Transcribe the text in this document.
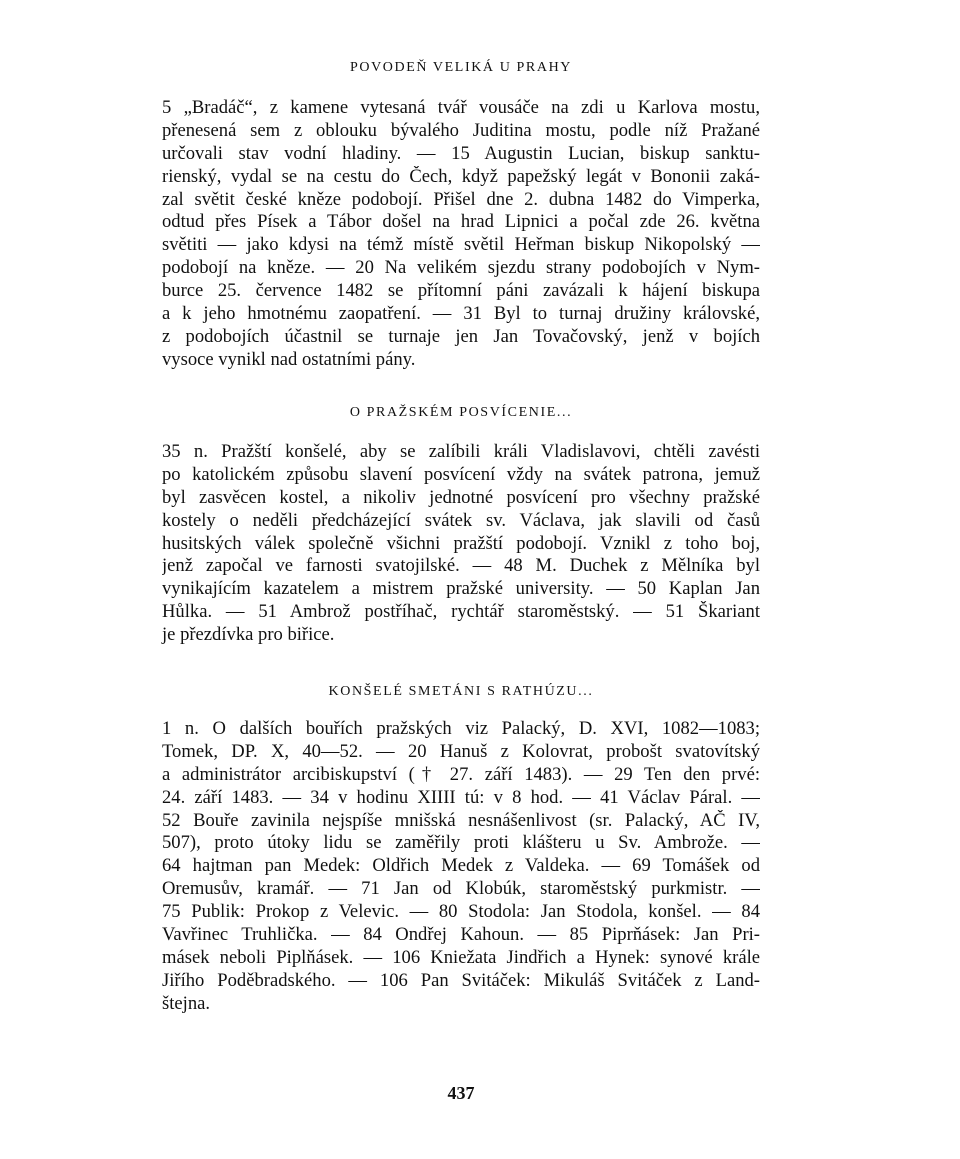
POVODEŇ VELIKÁ U PRAHY
5 „Bradáč“, z kamene vytesaná tvář vousáče na zdi u Karlova mostu,
přenesená sem z oblouku bývalého Juditina mostu, podle níž Pražané
určovali stav vodní hladiny. — 15 Augustin Lucian, biskup sanktu-
rienský, vydal se na cestu do Čech, když papežský legát v Bononii zaká-
zal světit české kněze podobojí. Přišel dne 2. dubna 1482 do Vimperka,
odtud přes Písek a Tábor došel na hrad Lipnici a počal zde 26. května
světiti — jako kdysi na témž místě světil Heřman biskup Nikopolský —
podobojí na kněze. — 20 Na velikém sjezdu strany podobojích v Nym-
burce 25. července 1482 se přítomní páni zavázali k hájení biskupa
a k jeho hmotnému zaopatření. — 31 Byl to turnaj družiny královské,
z podobojích účastnil se turnaje jen Jan Tovačovský, jenž v bojích
vysoce vynikl nad ostatními pány.
O PRAŽSKÉM POSVÍCENIE...
35 n. Pražští konšelé, aby se zalíbili králi Vladislavovi, chtěli zavésti
po katolickém způsobu slavení posvícení vždy na svátek patrona, jemuž
byl zasvěcen kostel, a nikoliv jednotné posvícení pro všechny pražské
kostely o neděli předcházející svátek sv. Václava, jak slavili od časů
husitských válek společně všichni pražští podobojí. Vznikl z toho boj,
jenž započal ve farnosti svatojilské. — 48 M. Duchek z Mělníka byl
vynikajícím kazatelem a mistrem pražské university. — 50 Kaplan Jan
Hůlka. — 51 Ambrož postříhač, rychtář staroměstský. — 51 Škariant
je přezdívka pro biřice.
KONŠELÉ SMETÁNI S RATHÚZU...
1 n. O dalších bouřích pražských viz Palacký, D. XVI, 1082—1083;
Tomek, DP. X, 40—52. — 20 Hanuš z Kolovrat, probošt svatovítský
a administrátor arcibiskupství († 27. září 1483). — 29 Ten den prvé:
24. září 1483. — 34 v hodinu XIIII tú: v 8 hod. — 41 Václav Páral. —
52 Bouře zavinila nejspíše mnišská nesnášenlivost (sr. Palacký, AČ IV,
507), proto útoky lidu se zaměřily proti klášteru u Sv. Ambrože. —
64 hajtman pan Medek: Oldřich Medek z Valdeka. — 69 Tomášek od
Oremusův, kramář. — 71 Jan od Klobúk, staroměstský purkmistr. —
75 Publik: Prokop z Velevic. — 80 Stodola: Jan Stodola, konšel. — 84
Vavřinec Truhlička. — 84 Ondřej Kahoun. — 85 Piprňásek: Jan Pri-
másek neboli Piplňásek. — 106 Kniežata Jindřich a Hynek: synové krále
Jiřího Poděbradského. — 106 Pan Svitáček: Mikuláš Svitáček z Land-
štejna.
437
